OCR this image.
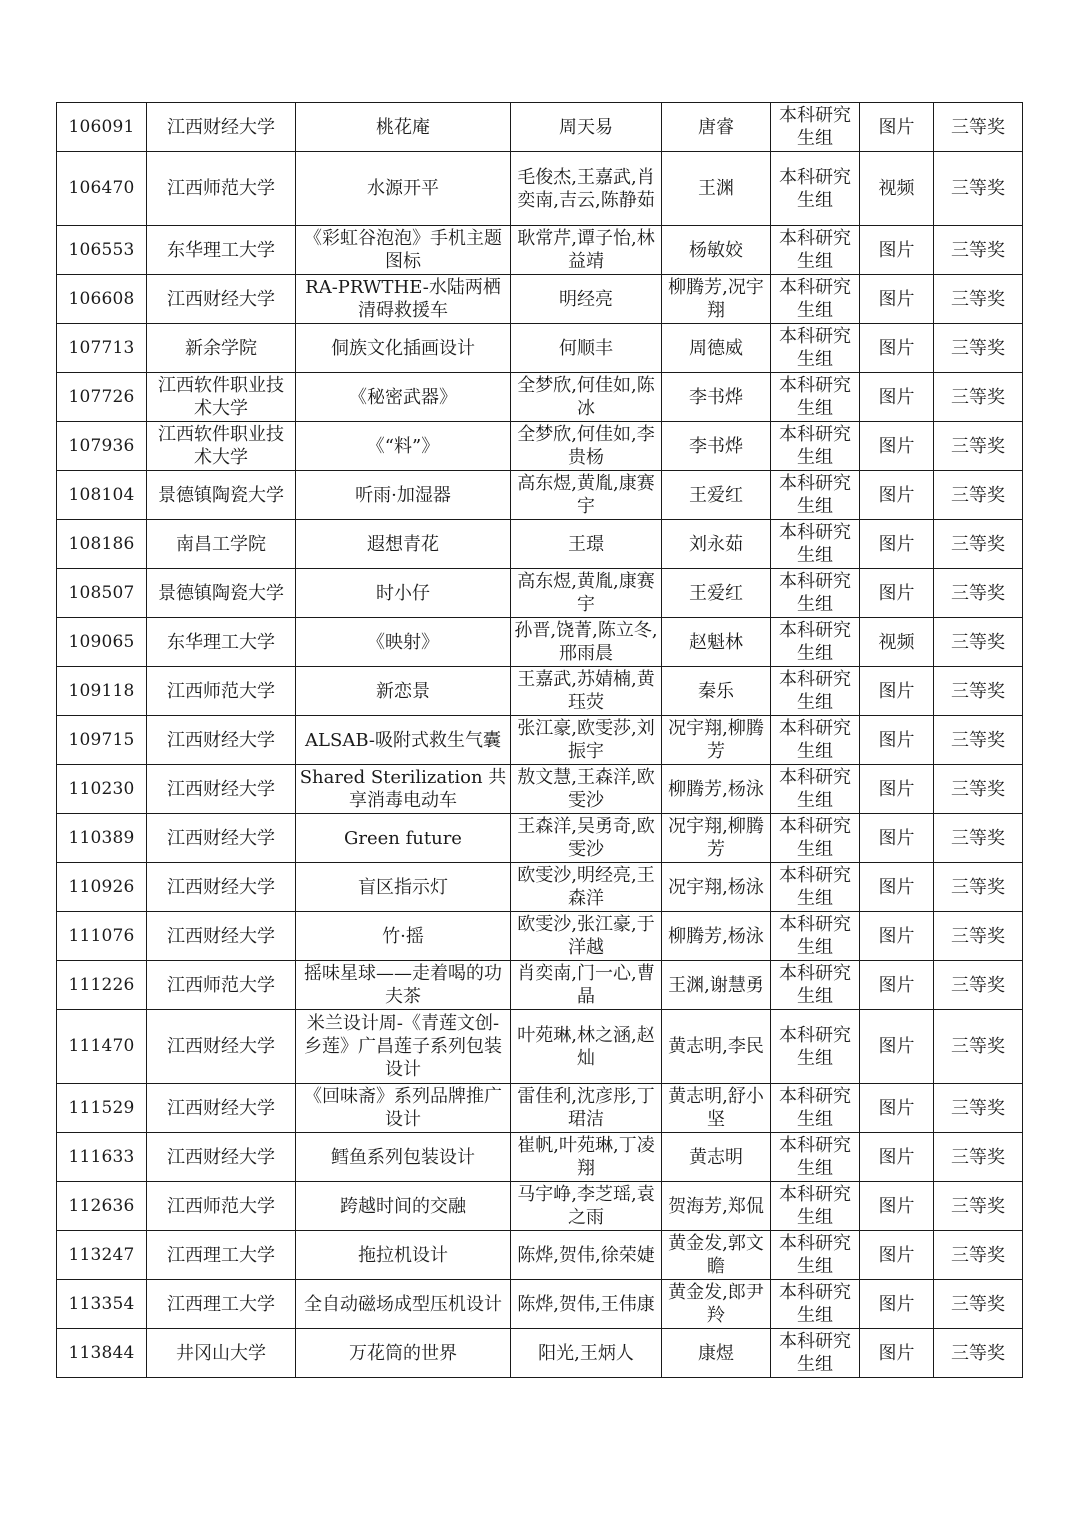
106091	江西财经大学	桃花庵	周天易	唐睿	本科研究生组	图片	三等奖
106470	江西师范大学	水源开平	毛俊杰,王嘉武,肖奕南,吉云,陈静茹	王渊	本科研究生组	视频	三等奖
106553	东华理工大学	《彩虹谷泡泡》手机主题图标	耿常芹,谭子怡,林益靖	杨敏姣	本科研究生组	图片	三等奖
106608	江西财经大学	RA-PRWTHE-水陆两栖清碍救援车	明经亮	柳腾芳,况宇翔	本科研究生组	图片	三等奖
107713	新余学院	侗族文化插画设计	何顺丰	周德威	本科研究生组	图片	三等奖
107726	江西软件职业技术大学	《秘密武器》	全梦欣,何佳如,陈冰	李书烨	本科研究生组	图片	三等奖
107936	江西软件职业技术大学	《“料”》	全梦欣,何佳如,李贵杨	李书烨	本科研究生组	图片	三等奖
108104	景德镇陶瓷大学	听雨·加湿器	高东煜,黄胤,康赛宇	王爱红	本科研究生组	图片	三等奖
108186	南昌工学院	遐想青花	王璟	刘永茹	本科研究生组	图片	三等奖
108507	景德镇陶瓷大学	时小仔	高东煜,黄胤,康赛宇	王爱红	本科研究生组	图片	三等奖
109065	东华理工大学	《映射》	孙晋,饶菁,陈立冬,邢雨晨	赵魁林	本科研究生组	视频	三等奖
109118	江西师范大学	新恋景	王嘉武,苏婧楠,黄珏荧	秦乐	本科研究生组	图片	三等奖
109715	江西财经大学	ALSAB-吸附式救生气囊	张江豪,欧雯莎,刘振宇	况宇翔,柳腾芳	本科研究生组	图片	三等奖
110230	江西财经大学	Shared Sterilization 共享消毒电动车	敖文慧,王森洋,欧雯沙	柳腾芳,杨泳	本科研究生组	图片	三等奖
110389	江西财经大学	Green future	王森洋,吴勇奇,欧雯沙	况宇翔,柳腾芳	本科研究生组	图片	三等奖
110926	江西财经大学	盲区指示灯	欧雯沙,明经亮,王森洋	况宇翔,杨泳	本科研究生组	图片	三等奖
111076	江西财经大学	竹·摇	欧雯沙,张江豪,于洋越	柳腾芳,杨泳	本科研究生组	图片	三等奖
111226	江西师范大学	摇味星球——走着喝的功夫茶	肖奕南,门一心,曹晶	王渊,谢慧勇	本科研究生组	图片	三等奖
111470	江西财经大学	米兰设计周-《青莲文创-乡莲》广昌莲子系列包装设计	叶苑琳,林之涵,赵灿	黄志明,李民	本科研究生组	图片	三等奖
111529	江西财经大学	《回味斋》系列品牌推广设计	雷佳利,沈彦彤,丁珺洁	黄志明,舒小坚	本科研究生组	图片	三等奖
111633	江西财经大学	鳕鱼系列包装设计	崔帆,叶苑琳,丁凌翔	黄志明	本科研究生组	图片	三等奖
112636	江西师范大学	跨越时间的交融	马宇峥,李芝瑶,袁之雨	贺海芳,郑侃	本科研究生组	图片	三等奖
113247	江西理工大学	拖拉机设计	陈烨,贺伟,徐荣婕	黄金发,郭文瞻	本科研究生组	图片	三等奖
113354	江西理工大学	全自动磁场成型压机设计	陈烨,贺伟,王伟康	黄金发,郎尹羚	本科研究生组	图片	三等奖
113844	井冈山大学	万花筒的世界	阳光,王炳人	康煜	本科研究生组	图片	三等奖
